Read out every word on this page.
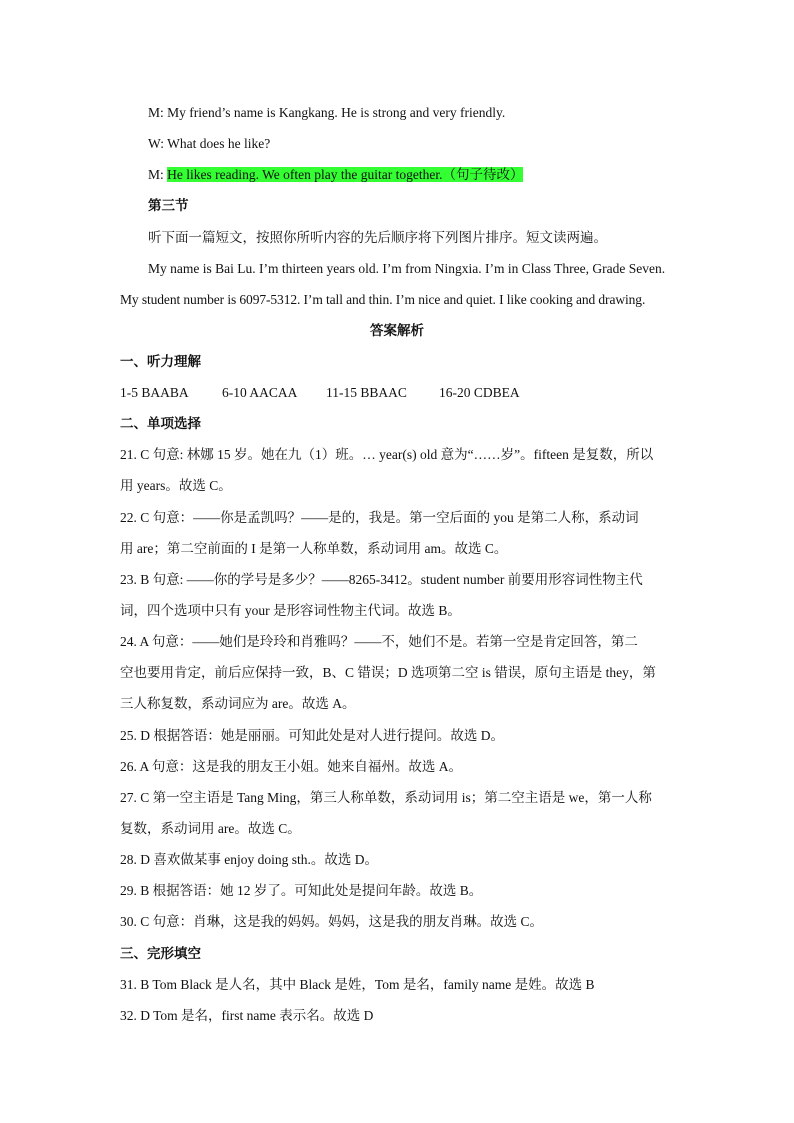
M: My friend’s name is Kangkang. He is strong and very friendly.
W: What does he like?
M: He likes reading. We often play the guitar together.（句子待改）
第三节
听下面一篇短文，按照你所听内容的先后顺序将下列图片排序。短文读两遍。
My name is Bai Lu. I’m thirteen years old. I’m from Ningxia. I’m in Class Three, Grade Seven.
My student number is 6097-5312. I’m tall and thin. I’m nice and quiet. I like cooking and drawing.
答案解析
一、听力理解
1-5 BAABA 6-10 AACAA 11-15 BBAAC 16-20 CDBEA
二、单项选择
21. C 句意: 林娜 15 岁。她在九（1）班。… year(s) old 意为“……岁”。fifteen 是复数，所以
用 years。故选 C。
22. C 句意：——你是孟凯吗？——是的，我是。第一空后面的 you 是第二人称，系动词
用 are；第二空前面的 I 是第一人称单数，系动词用 am。故选 C。
23. B 句意: ——你的学号是多少？——8265-3412。student number 前要用形容词性物主代
词，四个选项中只有 your 是形容词性物主代词。故选 B。
24. A 句意：——她们是玲玲和肖雅吗？——不，她们不是。若第一空是肯定回答，第二
空也要用肯定，前后应保持一致，B、C 错误；D 选项第二空 is 错误，原句主语是 they，第
三人称复数，系动词应为 are。故选 A。
25. D 根据答语：她是丽丽。可知此处是对人进行提问。故选 D。
26. A 句意：这是我的朋友王小姐。她来自福州。故选 A。
27. C 第一空主语是 Tang Ming，第三人称单数，系动词用 is；第二空主语是 we，第一人称
复数，系动词用 are。故选 C。
28. D 喜欢做某事 enjoy doing sth.。故选 D。
29. B 根据答语：她 12 岁了。可知此处是提问年龄。故选 B。
30. C 句意：肖琳，这是我的妈妈。妈妈，这是我的朋友肖琳。故选 C。
三、完形填空
31. B Tom Black 是人名，其中 Black 是姓，Tom 是名，family name 是姓。故选 B
32. D Tom 是名，first name 表示名。故选 D
